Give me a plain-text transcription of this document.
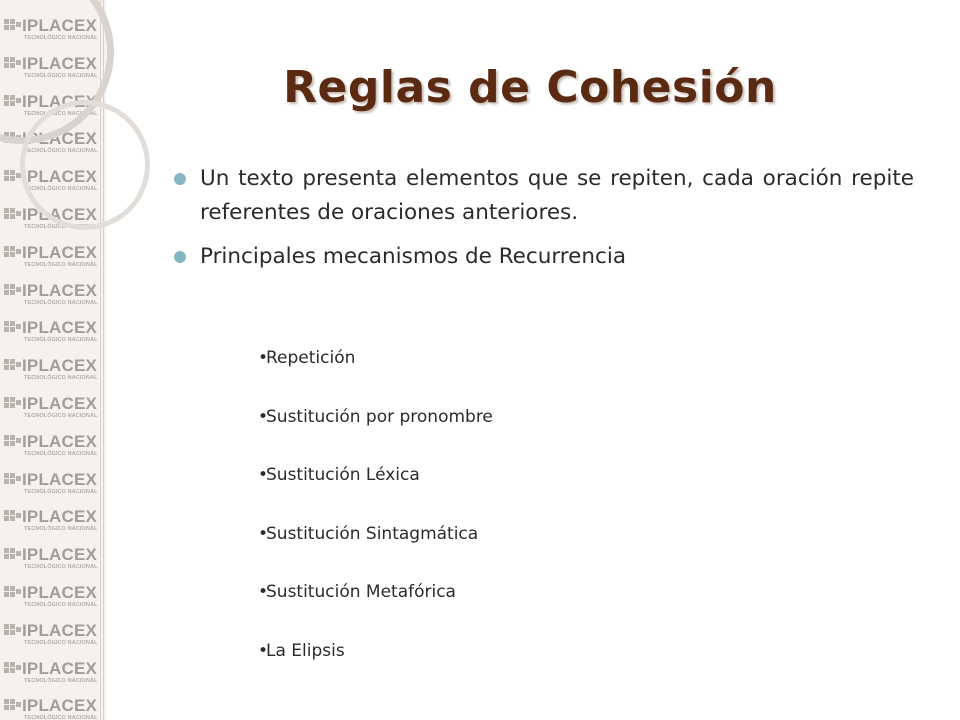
IPLACEX
TECNOLÓGICO NACIONAL
IPLACEX
TECNOLÓGICO NACIONAL
IPLACEX
TECNOLÓGICO NACIONAL
IPLACEX
TECNOLÓGICO NACIONAL
IPLACEX
TECNOLÓGICO NACIONAL
IPLACEX
TECNOLÓGICO NACIONAL
IPLACEX
TECNOLÓGICO NACIONAL
IPLACEX
TECNOLÓGICO NACIONAL
IPLACEX
TECNOLÓGICO NACIONAL
IPLACEX
TECNOLÓGICO NACIONAL
IPLACEX
TECNOLÓGICO NACIONAL
IPLACEX
TECNOLÓGICO NACIONAL
IPLACEX
TECNOLÓGICO NACIONAL
IPLACEX
TECNOLÓGICO NACIONAL
IPLACEX
TECNOLÓGICO NACIONAL
IPLACEX
TECNOLÓGICO NACIONAL
IPLACEX
TECNOLÓGICO NACIONAL
IPLACEX
TECNOLÓGICO NACIONAL
IPLACEX
TECNOLÓGICO NACIONAL
Reglas de Cohesión
Un texto presenta elementos que se repiten, cada oración repite referentes de oraciones anteriores.
Principales mecanismos de Recurrencia
•Repetición
•Sustitución por pronombre
•Sustitución Léxica
•Sustitución Sintagmática
•Sustitución Metafórica
•La Elipsis
